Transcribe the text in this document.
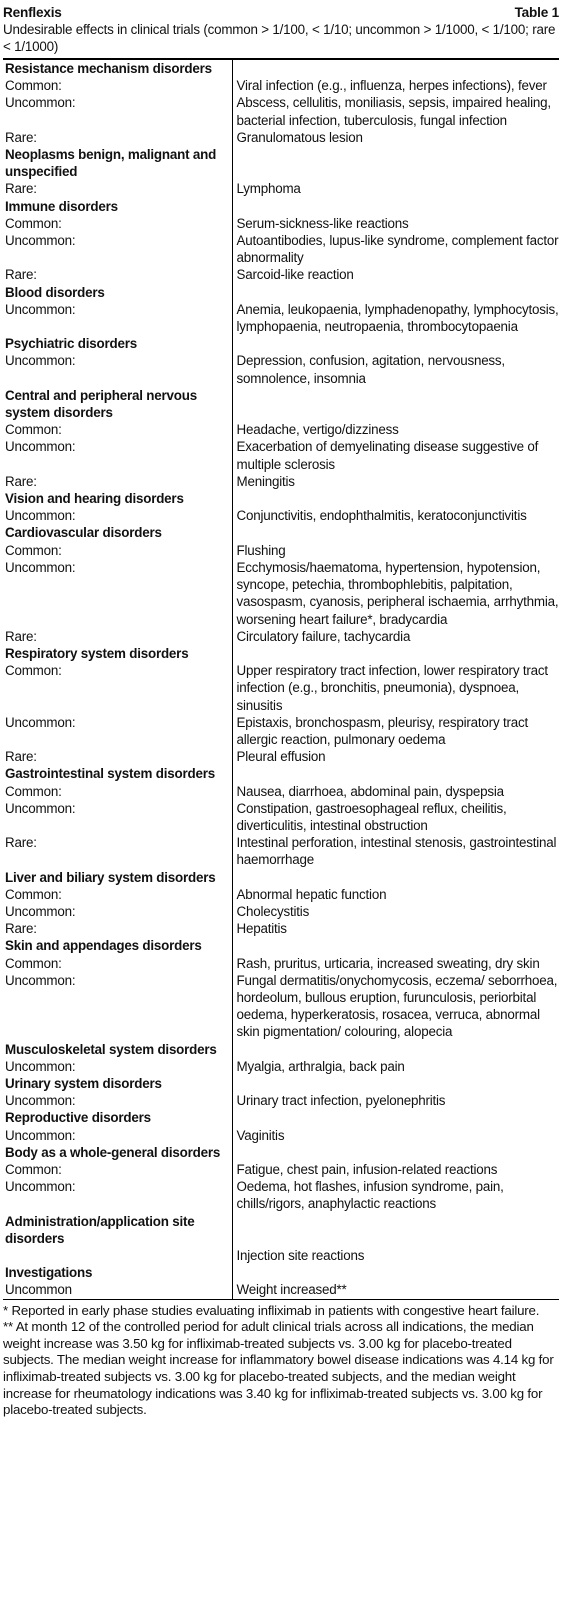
Renflexis	Table 1
Undesirable effects in clinical trials (common > 1/100, < 1/10; uncommon > 1/1000, < 1/100; rare < 1/1000)
Resistance mechanism disorders	
Common:	Viral infection (e.g., influenza, herpes infections), fever
Uncommon:	Abscess, cellulitis, moniliasis, sepsis, impaired healing, bacterial infection, tuberculosis, fungal infection
Rare:	Granulomatous lesion
Neoplasms benign, malignant and unspecified	
Rare:	Lymphoma
Immune disorders	
Common:	Serum-sickness-like reactions
Uncommon:	Autoantibodies, lupus-like syndrome, complement factor abnormality
Rare:	Sarcoid-like reaction
Blood disorders	
Uncommon:	Anemia, leukopaenia, lymphadenopathy, lymphocytosis, lymphopaenia, neutropaenia, thrombocytopaenia
Psychiatric disorders	
Uncommon:	Depression, confusion, agitation, nervousness, somnolence, insomnia
Central and peripheral nervous system disorders	
Common:	Headache, vertigo/dizziness
Uncommon:	Exacerbation of demyelinating disease suggestive of multiple sclerosis
Rare:	Meningitis
Vision and hearing disorders	
Uncommon:	Conjunctivitis, endophthalmitis, keratoconjunctivitis
Cardiovascular disorders	
Common:	Flushing
Uncommon:	Ecchymosis/haematoma, hypertension, hypotension, syncope, petechia, thrombophlebitis, palpitation, vasospasm, cyanosis, peripheral ischaemia, arrhythmia, worsening heart failure*, bradycardia
Rare:	Circulatory failure, tachycardia
Respiratory system disorders	
Common:	Upper respiratory tract infection, lower respiratory tract infection (e.g., bronchitis, pneumonia), dyspnoea, sinusitis
Uncommon:	Epistaxis, bronchospasm, pleurisy, respiratory tract allergic reaction, pulmonary oedema
Rare:	Pleural effusion
Gastrointestinal system disorders	
Common:	Nausea, diarrhoea, abdominal pain, dyspepsia
Uncommon:	Constipation, gastroesophageal reflux, cheilitis, diverticulitis, intestinal obstruction
Rare:	Intestinal perforation, intestinal stenosis, gastrointestinal haemorrhage
Liver and biliary system disorders	
Common:	Abnormal hepatic function
Uncommon:	Cholecystitis
Rare:	Hepatitis
Skin and appendages disorders	
Common:	Rash, pruritus, urticaria, increased sweating, dry skin
Uncommon:	Fungal dermatitis/onychomycosis, eczema/ seborrhoea, hordeolum, bullous eruption, furunculosis, periorbital oedema, hyperkeratosis, rosacea, verruca, abnormal skin pigmentation/ colouring, alopecia
Musculoskeletal system disorders	
Uncommon:	Myalgia, arthralgia, back pain
Urinary system disorders	
Uncommon:	Urinary tract infection, pyelonephritis
Reproductive disorders	
Uncommon:	Vaginitis
Body as a whole-general disorders	
Common:	Fatigue, chest pain, infusion-related reactions
Uncommon:	Oedema, hot flashes, infusion syndrome, pain, chills/rigors, anaphylactic reactions
Administration/application site disorders	
	Injection site reactions
Investigations	
Uncommon	Weight increased**
* Reported in early phase studies evaluating infliximab in patients with congestive heart failure.
** At month 12 of the controlled period for adult clinical trials across all indications, the median weight increase was 3.50 kg for infliximab-treated subjects vs. 3.00 kg for placebo-treated subjects. The median weight increase for inflammatory bowel disease indications was 4.14 kg for infliximab-treated subjects vs. 3.00 kg for placebo-treated subjects, and the median weight increase for rheumatology indications was 3.40 kg for infliximab-treated subjects vs. 3.00 kg for placebo-treated subjects.
